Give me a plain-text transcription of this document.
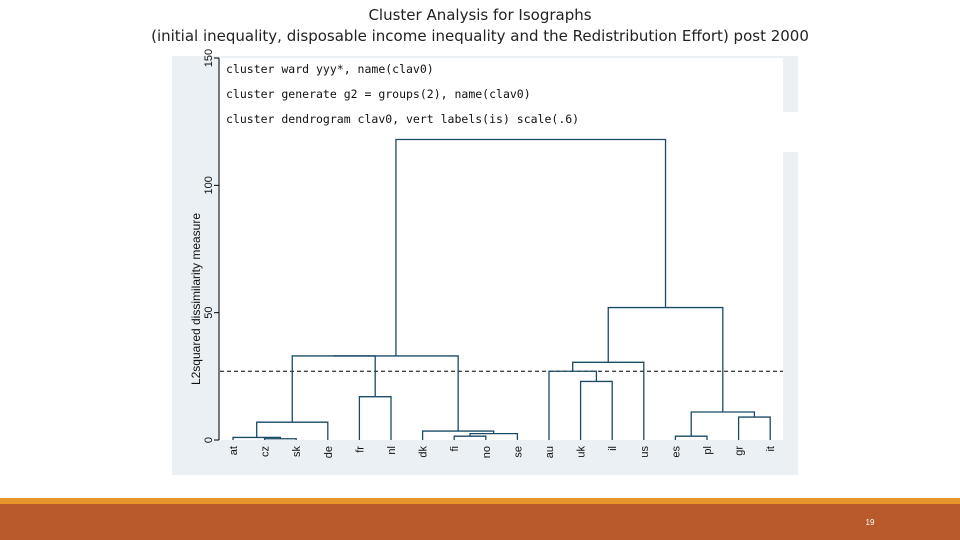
Cluster Analysis for Isographs
(initial inequality, disposable income inequality and the Redistribution Effort) post 2000
0
50
100
150
L2squared dissimilarity measure
at cz sk de fr nl dk fi no se au uk il us es pl gr it
cluster ward yyy*, name(clav0)
cluster generate g2 = groups(2), name(clav0)
cluster dendrogram clav0, vert labels(is) scale(.6)
19
